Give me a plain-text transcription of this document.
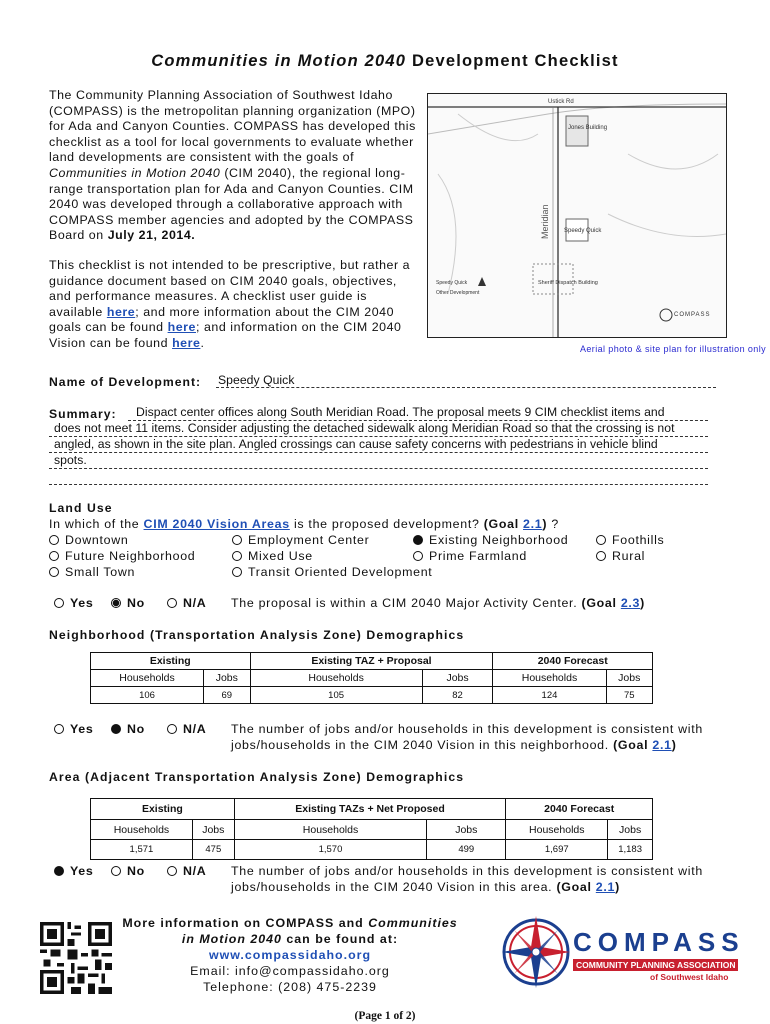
Communities in Motion 2040 Development Checklist

The Community Planning Association of Southwest Idaho (COMPASS) is the metropolitan planning organization (MPO) for Ada and Canyon Counties. COMPASS has developed this checklist as a tool for local governments to evaluate whether land developments are consistent with the goals of Communities in Motion 2040 (CIM 2040), the regional long-range transportation plan for Ada and Canyon Counties. CIM 2040 was developed through a collaborative approach with COMPASS member agencies and adopted by the COMPASS Board on July 21, 2014.

This checklist is not intended to be prescriptive, but rather a guidance document based on CIM 2040 goals, objectives, and performance measures. A checklist user guide is available here; and more information about the CIM 2040 goals can be found here; and information on the CIM 2040 Vision can be found here.

Ustick Rd
Meridian
Jones Building
Speedy Quick
Sheriff Dispatch Building
Speedy Quick
Other Development
COMPASS
Aerial photo & site plan for illustration only
Name of Development: Speedy Quick
Summary: Dispact center offices along South Meridian Road. The proposal meets 9 CIM checklist items and
does not meet 11 items. Consider adjusting the detached sidewalk along Meridian Road so that the crossing is not
angled, as shown in the site plan. Angled crossings can cause safety concerns with pedestrians in vehicle blind
spots.
Land Use
In which of the CIM 2040 Vision Areas is the proposed development? (Goal 2.1) ?
Downtown
Future Neighborhood
Small Town
Employment Center
Mixed Use
Transit Oriented Development
Existing Neighborhood
Prime Farmland
Foothills
Rural
Yes	No	N/A The proposal is within a CIM 2040 Major Activity Center. (Goal 2.3)
Neighborhood (Transportation Analysis Zone) Demographics
Existing		Existing TAZ + Proposal		2040 Forecast	
Households	Jobs	Households	Jobs	Households	Jobs
106	69	105	82	124	75
Yes	No	N/A The number of jobs and/or households in this development is consistent with
jobs/households in the CIM 2040 Vision in this neighborhood. (Goal 2.1)
Area (Adjacent Transportation Analysis Zone) Demographics
Existing		Existing TAZs + Net Proposed		2040 Forecast	
Households	Jobs	Households	Jobs	Households	Jobs
1,571	475	1,570	499	1,697	1,183
Yes	No	N/A The number of jobs and/or households in this development is consistent with
jobs/households in the CIM 2040 Vision in this area. (Goal 2.1)
More information on COMPASS and Communities
in Motion 2040 can be found at:
www.compassidaho.org
Email: info@compassidaho.org
Telephone: (208) 475-2239
COMPASS
COMMUNITY PLANNING ASSOCIATION
of Southwest Idaho
(Page 1 of 2)
